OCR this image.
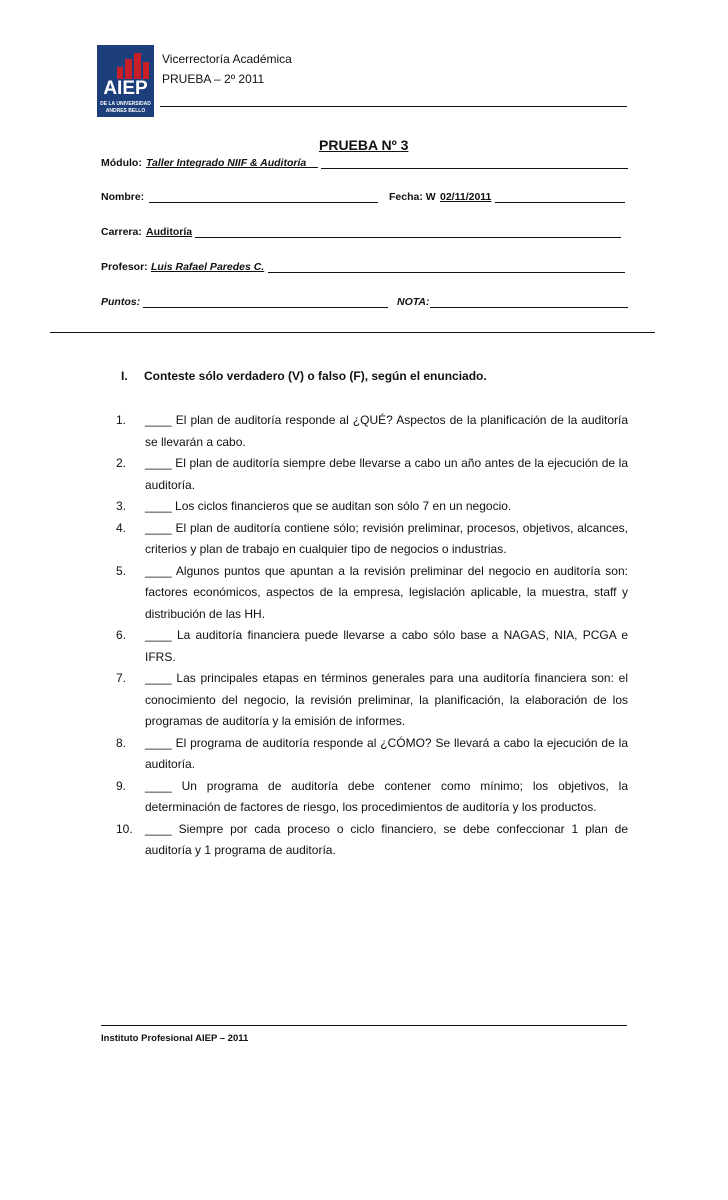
AIEP
DE LA UNIVERSIDAD
ANDRES BELLO
Vicerrectoría Académica
PRUEBA – 2º 2011
PRUEBA Nº 3
Módulo: Taller Integrado NIIF & Auditoría__
Nombre:	Fecha: W 02/11/2011
Carrera: Auditoría
Profesor: Luis Rafael Paredes C.
Puntos:	NOTA:
I. Conteste sólo verdadero (V) o falso (F), según el enunciado.
1. ____ El plan de auditoría responde al ¿QUÉ? Aspectos de la planificación de la auditoría se llevarán a cabo.
2. ____ El plan de auditoría siempre debe llevarse a cabo un año antes de la ejecución de la auditoría.
3. ____ Los ciclos financieros que se auditan son sólo 7 en un negocio.
4. ____ El plan de auditoría contiene sólo; revisión preliminar, procesos, objetivos, alcances, criterios y plan de trabajo en cualquier tipo de negocios o industrias.
5. ____ Algunos puntos que apuntan a la revisión preliminar del negocio en auditoría son: factores económicos, aspectos de la empresa, legislación aplicable, la muestra, staff y distribución de las HH.
6. ____ La auditoría financiera puede llevarse a cabo sólo base a NAGAS, NIA, PCGA e IFRS.
7. ____ Las principales etapas en términos generales para una auditoría financiera son: el conocimiento del negocio, la revisión preliminar, la planificación, la elaboración de los programas de auditoría y la emisión de informes.
8. ____ El programa de auditoría responde al ¿CÓMO? Se llevará a cabo la ejecución de la auditoría.
9. ____ Un programa de auditoría debe contener como mínimo; los objetivos, la determinación de factores de riesgo, los procedimientos de auditoría y los productos.
10. ____ Siempre por cada proceso o ciclo financiero, se debe confeccionar 1 plan de auditoría y 1 programa de auditoría.
Instituto Profesional AIEP – 2011
